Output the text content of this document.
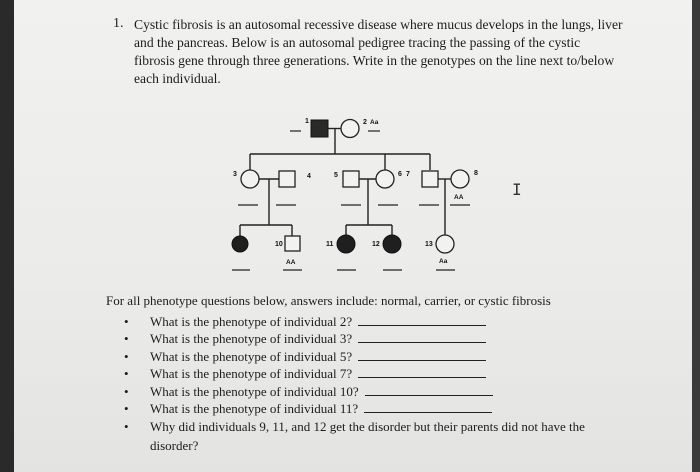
1. Cystic fibrosis is an autosomal recessive disease where mucus develops in the lungs, liver
and the pancreas. Below is an autosomal pedigree tracing the passing of the cystic
fibrosis gene through three generations. Write in the genotypes on the line next to/below
each individual.
1	2 Aa
3	4	5	6 7	8
AA
10	11	12	13
AA	Aa
I
For all phenotype questions below, answers include: normal, carrier, or cystic fibrosis
• What is the phenotype of individual 2?
• What is the phenotype of individual 3?
• What is the phenotype of individual 5?
• What is the phenotype of individual 7?
• What is the phenotype of individual 10?
• What is the phenotype of individual 11?
• Why did individuals 9, 11, and 12 get the disorder but their parents did not have the
disorder?
